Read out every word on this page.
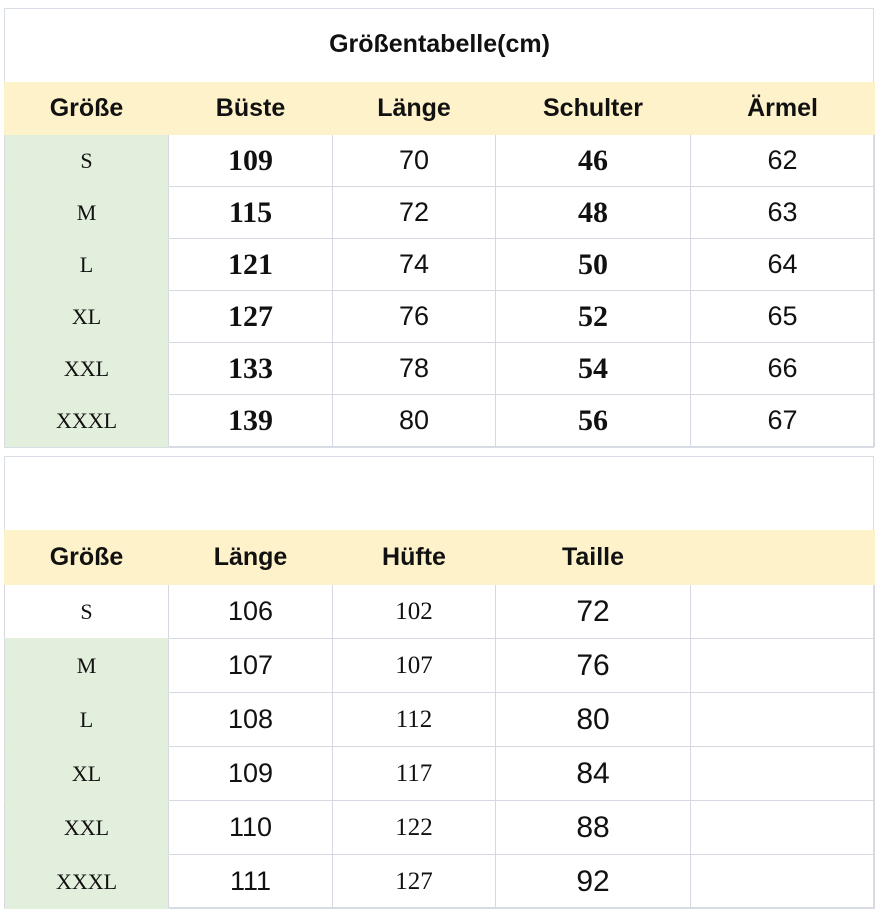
Größentabelle(cm)
Größe	Büste	Länge	Schulter	Ärmel
S	109	70	46	62
M	115	72	48	63
L	121	74	50	64
XL	127	76	52	65
XXL	133	78	54	66
XXXL	139	80	56	67
Größe	Länge	Hüfte	Taille	
S	106	102	72	
M	107	107	76	
L	108	112	80	
XL	109	117	84	
XXL	110	122	88	
XXXL	111	127	92	
